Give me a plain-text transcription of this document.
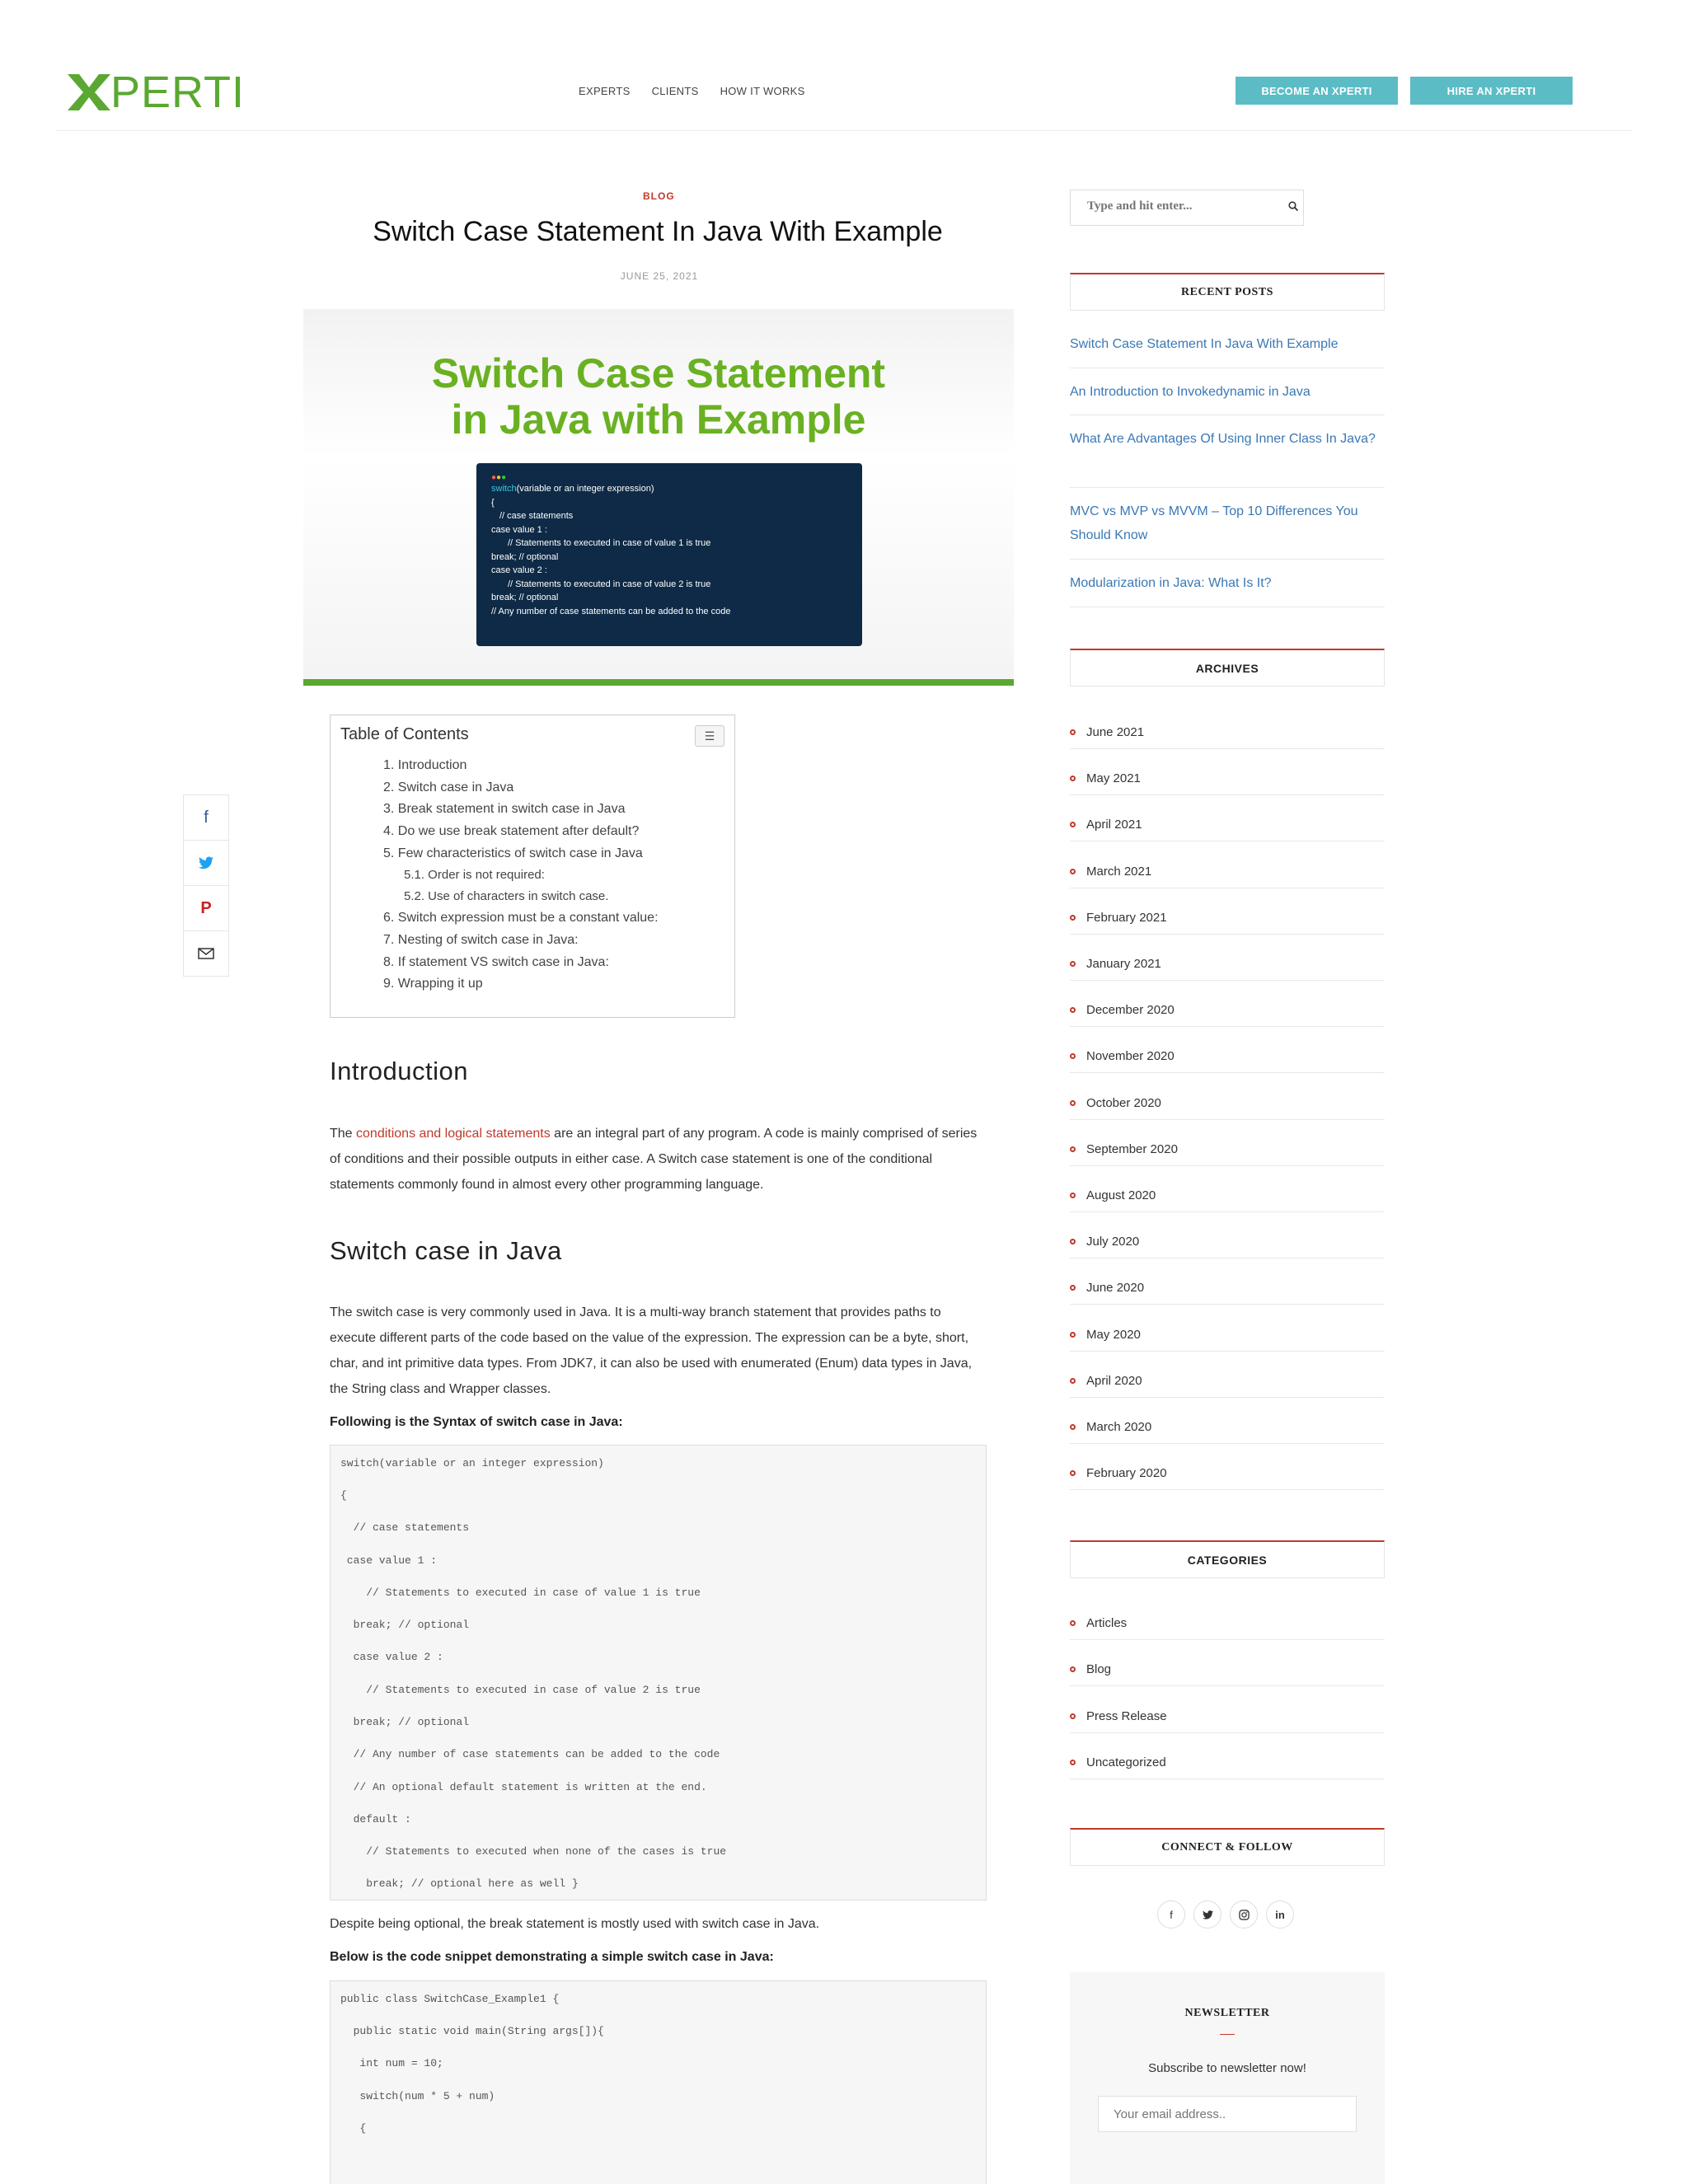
PERTI	EXPERTS CLIENTS HOW IT WORKS	BECOME AN XPERTI	HIRE AN XPERTI
BLOG
Switch Case Statement In Java With Example
JUNE 25, 2021
Switch Case Statement
in Java with Example
●●●
switch(variable or an integer expression)
{
// case statements
case value 1 :
// Statements to executed in case of value 1 is true
break; // optional
case value 2 :
// Statements to executed in case of value 2 is true
break; // optional
// Any number of case statements can be added to the code
f
P
Table of Contents	☰
1. Introduction
2. Switch case in Java
3. Break statement in switch case in Java
4. Do we use break statement after default?
5. Few characteristics of switch case in Java
5.1. Order is not required:
5.2. Use of characters in switch case.
6. Switch expression must be a constant value:
7. Nesting of switch case in Java:
8. If statement VS switch case in Java:
9. Wrapping it up
Introduction
The conditions and logical statements are an integral part of any program. A code is mainly comprised of series of conditions and their possible outputs in either case. A Switch case statement is one of the conditional statements commonly found in almost every other programming language.
Switch case in Java
The switch case is very commonly used in Java. It is a multi-way branch statement that provides paths to execute different parts of the code based on the value of the expression. The expression can be a byte, short, char, and int primitive data types. From JDK7, it can also be used with enumerated (Enum) data types in Java, the String class and Wrapper classes.
Following is the Syntax of switch case in Java:
switch(variable or an integer expression)
{
// case statements
case value 1 :
// Statements to executed in case of value 1 is true
break; // optional
case value 2 :
// Statements to executed in case of value 2 is true
break; // optional
// Any number of case statements can be added to the code
// An optional default statement is written at the end.
default :
// Statements to executed when none of the cases is true
break; // optional here as well }
Despite being optional, the break statement is mostly used with switch case in Java.
Below is the code snippet demonstrating a simple switch case in Java:
public class SwitchCase_Example1 {
public static void main(String args[]){
int num = 10;
switch(num * 5 + num)
{
Type and hit enter...
RECENT POSTS
Switch Case Statement In Java With Example
An Introduction to Invokedynamic in Java
What Are Advantages Of Using Inner Class In Java?
MVC vs MVP vs MVVM – Top 10 Differences You Should Know
Modularization in Java: What Is It?
ARCHIVES
June 2021
May 2021
April 2021
March 2021
February 2021
January 2021
December 2020
November 2020
October 2020
September 2020
August 2020
July 2020
June 2020
May 2020
April 2020
March 2020
February 2020
CATEGORIES
Articles
Blog
Press Release
Uncategorized
CONNECT & FOLLOW
f	in
NEWSLETTER
Subscribe to newsletter now!
Your email address..
